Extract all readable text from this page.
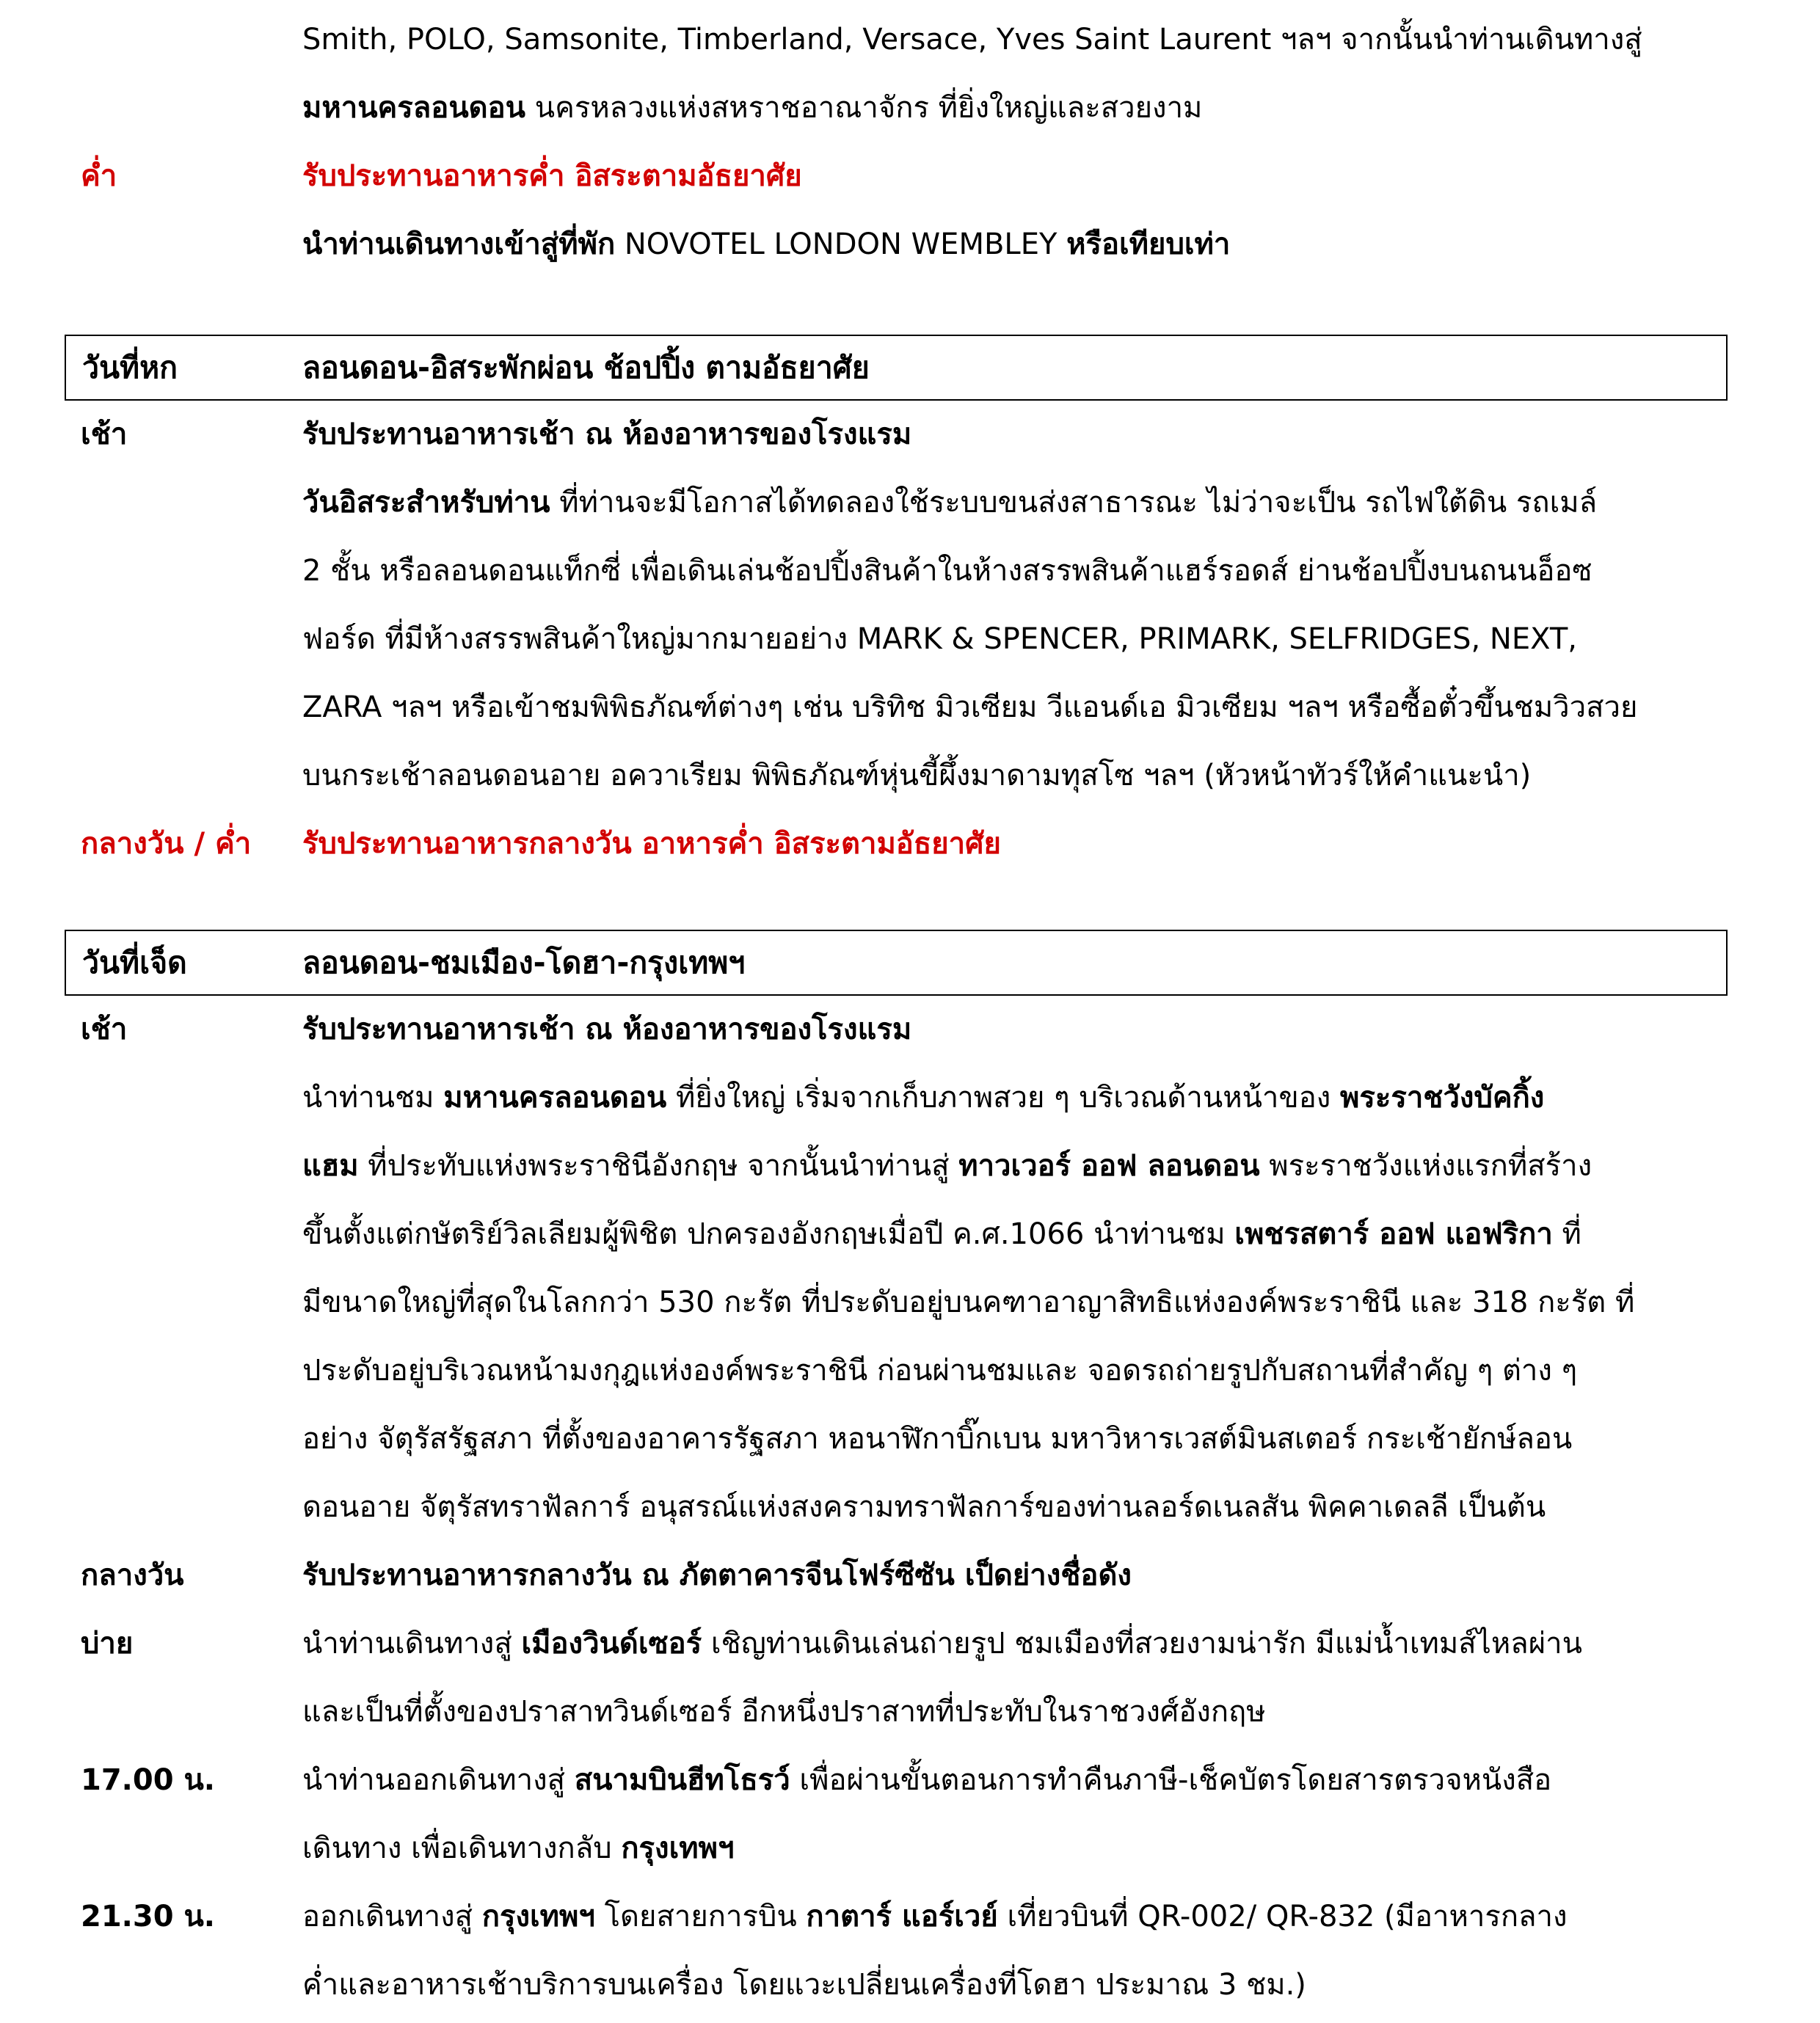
Smith, POLO, Samsonite, Timberland, Versace, Yves Saint Laurent ฯลฯ จากนั้นนำท่านเดินทางสู่
มหานครลอนดอน นครหลวงแห่งสหราชอาณาจักร ที่ยิ่งใหญ่และสวยงาม
ค่ำ	รับประทานอาหารค่ำ อิสระตามอัธยาศัย
นำท่านเดินทางเข้าสู่ที่พัก NOVOTEL LONDON WEMBLEY หรือเทียบเท่า
วันที่หก	ลอนดอน-อิสระพักผ่อน ช้อปปิ้ง ตามอัธยาศัย
เช้า	รับประทานอาหารเช้า ณ ห้องอาหารของโรงแรม
วันอิสระสำหรับท่าน ที่ท่านจะมีโอกาสได้ทดลองใช้ระบบขนส่งสาธารณะ ไม่ว่าจะเป็น รถไฟใต้ดิน รถเมล์
2 ชั้น หรือลอนดอนแท็กซี่ เพื่อเดินเล่นช้อปปิ้งสินค้าในห้างสรรพสินค้าแฮร์รอดส์ ย่านช้อปปิ้งบนถนนอ็อซ
ฟอร์ด ที่มีห้างสรรพสินค้าใหญ่มากมายอย่าง MARK & SPENCER, PRIMARK, SELFRIDGES, NEXT,
ZARA ฯลฯ หรือเข้าชมพิพิธภัณฑ์ต่างๆ เช่น บริทิช มิวเซียม วีแอนด์เอ มิวเซียม ฯลฯ หรือซื้อตั๋วขึ้นชมวิวสวย
บนกระเช้าลอนดอนอาย อควาเรียม พิพิธภัณฑ์หุ่นขี้ผึ้งมาดามทุสโซ ฯลฯ (หัวหน้าทัวร์ให้คำแนะนำ)
กลางวัน / ค่ำ	รับประทานอาหารกลางวัน อาหารค่ำ อิสระตามอัธยาศัย
วันที่เจ็ด	ลอนดอน-ชมเมือง-โดฮา-กรุงเทพฯ
เช้า	รับประทานอาหารเช้า ณ ห้องอาหารของโรงแรม
นำท่านชม มหานครลอนดอน ที่ยิ่งใหญ่ เริ่มจากเก็บภาพสวย ๆ บริเวณด้านหน้าของ พระราชวังบัคกิ้ง
แฮม ที่ประทับแห่งพระราชินีอังกฤษ จากนั้นนำท่านสู่ ทาวเวอร์ ออฟ ลอนดอน พระราชวังแห่งแรกที่สร้าง
ขึ้นตั้งแต่กษัตริย์วิลเลียมผู้พิชิต ปกครองอังกฤษเมื่อปี ค.ศ.1066 นำท่านชม เพชรสตาร์ ออฟ แอฟริกา ที่
มีขนาดใหญ่ที่สุดในโลกกว่า 530 กะรัต ที่ประดับอยู่บนคฑาอาญาสิทธิแห่งองค์พระราชินี และ 318 กะรัต ที่
ประดับอยู่บริเวณหน้ามงกุฎแห่งองค์พระราชินี ก่อนผ่านชมและ จอดรถถ่ายรูปกับสถานที่สำคัญ ๆ ต่าง ๆ
อย่าง จัตุรัสรัฐสภา ที่ตั้งของอาคารรัฐสภา หอนาฬิกาบิ๊กเบน มหาวิหารเวสต์มินสเตอร์ กระเช้ายักษ์ลอน
ดอนอาย จัตุรัสทราฟัลการ์ อนุสรณ์แห่งสงครามทราฟัลการ์ของท่านลอร์ดเนลสัน พิคคาเดลลี เป็นต้น
กลางวัน	รับประทานอาหารกลางวัน ณ ภัตตาคารจีนโฟร์ซีซัน เป็ดย่างชื่อดัง
บ่าย	นำท่านเดินทางสู่ เมืองวินด์เซอร์ เชิญท่านเดินเล่นถ่ายรูป ชมเมืองที่สวยงามน่ารัก มีแม่น้ำเทมส์ไหลผ่าน
และเป็นที่ตั้งของปราสาทวินด์เซอร์ อีกหนึ่งปราสาทที่ประทับในราชวงศ์อังกฤษ
17.00 น.	นำท่านออกเดินทางสู่ สนามบินฮีทโธรว์ เพื่อผ่านขั้นตอนการทำคืนภาษี-เช็คบัตรโดยสารตรวจหนังสือ
เดินทาง เพื่อเดินทางกลับ กรุงเทพฯ
21.30 น.	ออกเดินทางสู่ กรุงเทพฯ โดยสายการบิน กาตาร์ แอร์เวย์ เที่ยวบินที่ QR-002/ QR-832 (มีอาหารกลาง
ค่ำและอาหารเช้าบริการบนเครื่อง โดยแวะเปลี่ยนเครื่องที่โดฮา ประมาณ 3 ชม.)
